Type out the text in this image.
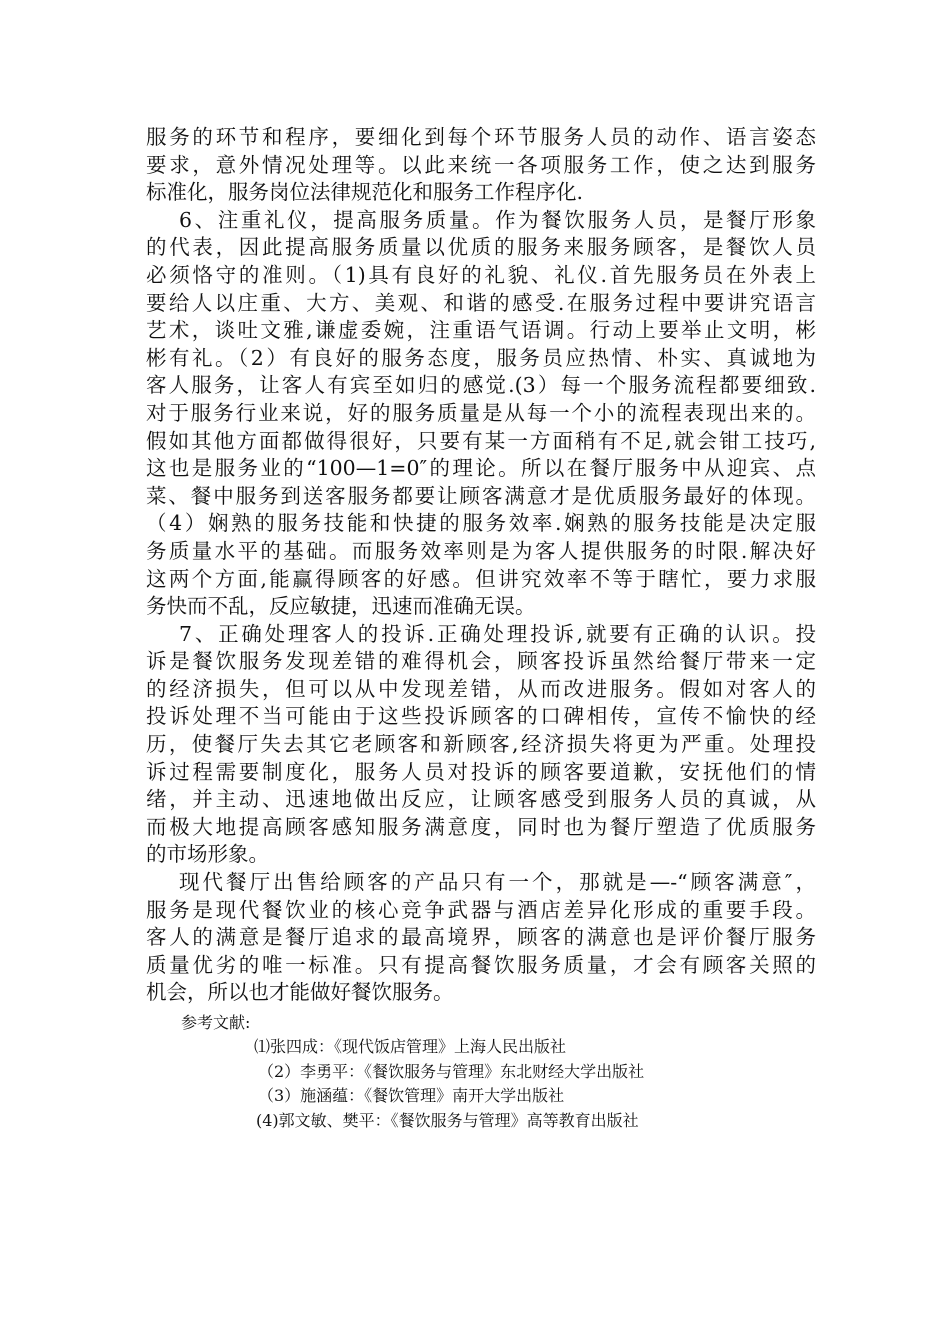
服务的环节和程序，要细化到每个环节服务人员的动作、语言姿态
要求，意外情况处理等。以此来统一各项服务工作，使之达到服务
标准化，服务岗位法律规范化和服务工作程序化.
6、注重礼仪，提高服务质量。作为餐饮服务人员，是餐厅形象
的代表，因此提高服务质量以优质的服务来服务顾客，是餐饮人员
必须恪守的准则。（1)具有良好的礼貌、礼仪.首先服务员在外表上
要给人以庄重、大方、美观、和谐的感受.在服务过程中要讲究语言
艺术，谈吐文雅,谦虚委婉，注重语气语调。行动上要举止文明，彬
彬有礼。（2）有良好的服务态度，服务员应热情、朴实、真诚地为
客人服务，让客人有宾至如归的感觉.(3）每一个服务流程都要细致.
对于服务行业来说，好的服务质量是从每一个小的流程表现出来的。
假如其他方面都做得很好，只要有某一方面稍有不足,就会钳工技巧,
这也是服务业的“100—1=0″的理论。所以在餐厅服务中从迎宾、点
菜、餐中服务到送客服务都要让顾客满意才是优质服务最好的体现。
（4）娴熟的服务技能和快捷的服务效率.娴熟的服务技能是决定服
务质量水平的基础。而服务效率则是为客人提供服务的时限.解决好
这两个方面,能赢得顾客的好感。但讲究效率不等于瞎忙，要力求服
务快而不乱，反应敏捷，迅速而准确无误。
7、正确处理客人的投诉.正确处理投诉,就要有正确的认识。投
诉是餐饮服务发现差错的难得机会，顾客投诉虽然给餐厅带来一定
的经济损失，但可以从中发现差错，从而改进服务。假如对客人的
投诉处理不当可能由于这些投诉顾客的口碑相传，宣传不愉快的经
历，使餐厅失去其它老顾客和新顾客,经济损失将更为严重。处理投
诉过程需要制度化，服务人员对投诉的顾客要道歉，安抚他们的情
绪，并主动、迅速地做出反应，让顾客感受到服务人员的真诚，从
而极大地提高顾客感知服务满意度，同时也为餐厅塑造了优质服务
的市场形象。
现代餐厅出售给顾客的产品只有一个，那就是—-“顾客满意″，
服务是现代餐饮业的核心竞争武器与酒店差异化形成的重要手段。
客人的满意是餐厅追求的最高境界，顾客的满意也是评价餐厅服务
质量优劣的唯一标准。只有提高餐饮服务质量，才会有顾客关照的
机会，所以也才能做好餐饮服务。
参考文献:
⑴张四成：《现代饭店管理》上海人民出版社
（2）李勇平：《餐饮服务与管理》东北财经大学出版社
（3）施涵蕴：《餐饮管理》南开大学出版社
(4)郭文敏、樊平：《餐饮服务与管理》高等教育出版社
